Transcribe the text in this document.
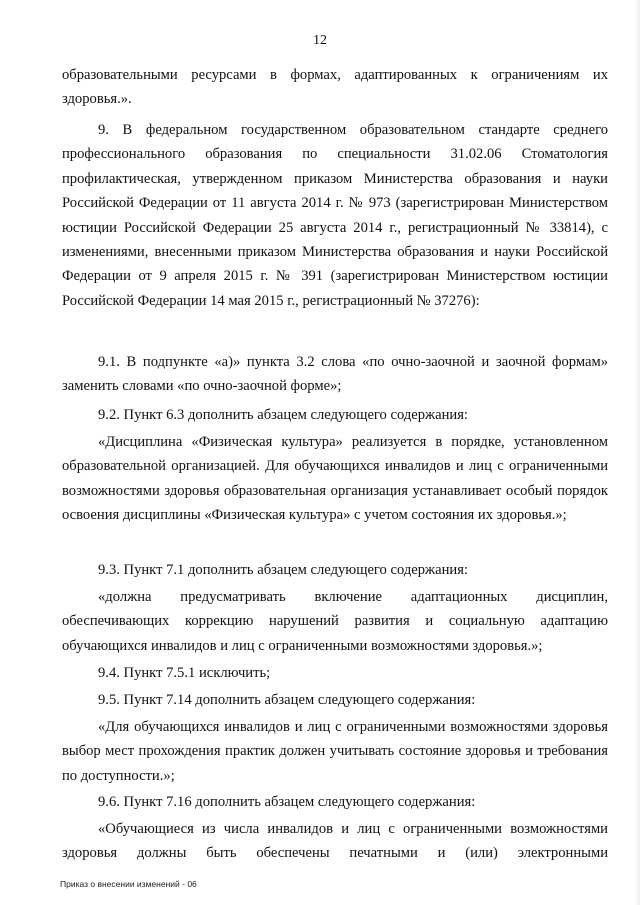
12
образовательными ресурсами в формах, адаптированных к ограничениям их здоровья.».
9. В федеральном государственном образовательном стандарте среднего профессионального образования по специальности 31.02.06 Стоматология профилактическая, утвержденном приказом Министерства образования и науки Российской Федерации от 11 августа 2014 г. № 973 (зарегистрирован Министерством юстиции Российской Федерации 25 августа 2014 г., регистрационный № 33814), с изменениями, внесенными приказом Министерства образования и науки Российской Федерации от 9 апреля 2015 г. № 391 (зарегистрирован Министерством юстиции Российской Федерации 14 мая 2015 г., регистрационный № 37276):
9.1. В подпункте «а)» пункта 3.2 слова «по очно-заочной и заочной формам» заменить словами «по очно-заочной форме»;
9.2. Пункт 6.3 дополнить абзацем следующего содержания:
«Дисциплина «Физическая культура» реализуется в порядке, установленном образовательной организацией. Для обучающихся инвалидов и лиц с ограниченными возможностями здоровья образовательная организация устанавливает особый порядок освоения дисциплины «Физическая культура» с учетом состояния их здоровья.»;
9.3. Пункт 7.1 дополнить абзацем следующего содержания:
«должна предусматривать включение адаптационных дисциплин, обеспечивающих коррекцию нарушений развития и социальную адаптацию обучающихся инвалидов и лиц с ограниченными возможностями здоровья.»;
9.4. Пункт 7.5.1 исключить;
9.5. Пункт 7.14 дополнить абзацем следующего содержания:
«Для обучающихся инвалидов и лиц с ограниченными возможностями здоровья выбор мест прохождения практик должен учитывать состояние здоровья и требования по доступности.»;
9.6. Пункт 7.16 дополнить абзацем следующего содержания:
«Обучающиеся из числа инвалидов и лиц с ограниченными возможностями здоровья должны быть обеспечены печатными и (или) электронными
Приказ о внесении изменений - 06
